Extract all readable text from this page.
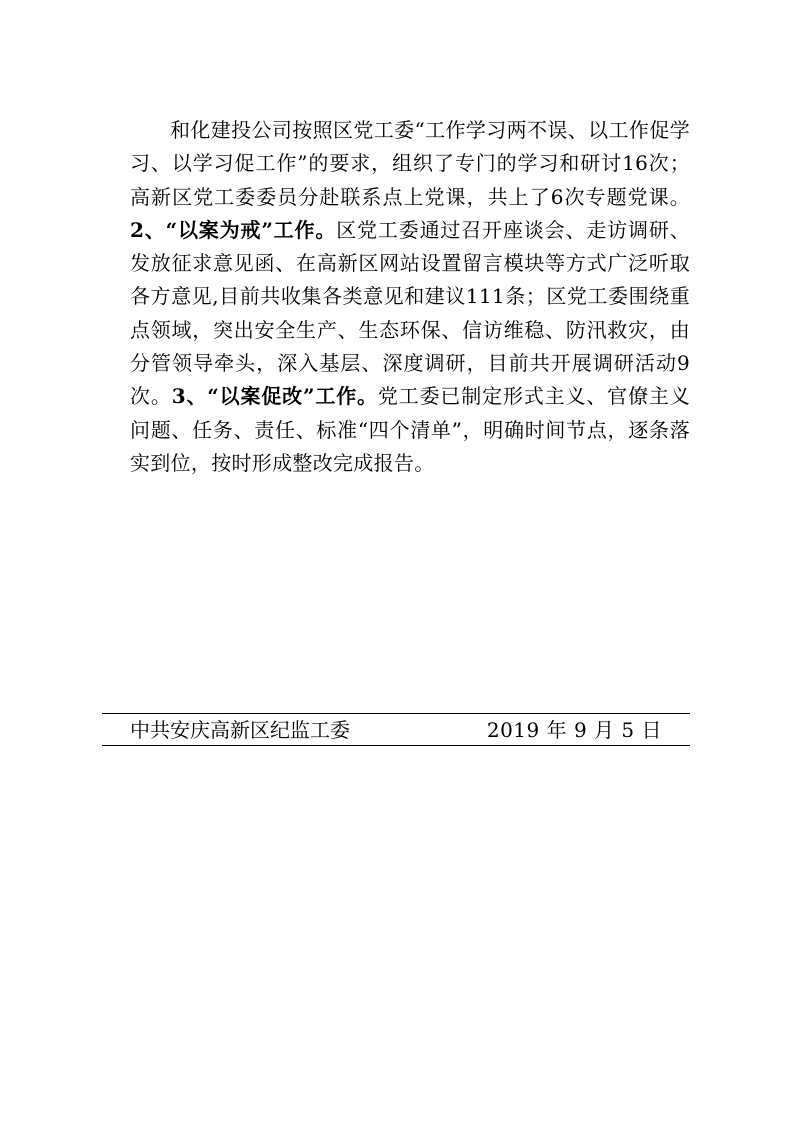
和化建投公司按照区党工委“工作学习两不误、以工作促学习、以学习促工作”的要求，组织了专门的学习和研讨16次；高新区党工委委员分赴联系点上党课，共上了6次专题党课。2、“以案为戒”工作。区党工委通过召开座谈会、走访调研、发放征求意见函、在高新区网站设置留言模块等方式广泛听取各方意见,目前共收集各类意见和建议111条；区党工委围绕重点领域，突出安全生产、生态环保、信访维稳、防汛救灾，由分管领导牵头，深入基层、深度调研，目前共开展调研活动9次。3、“以案促改”工作。党工委已制定形式主义、官僚主义问题、任务、责任、标准“四个清单”，明确时间节点，逐条落实到位，按时形成整改完成报告。

中共安庆高新区纪监工委	2019 年 9 月 5 日
